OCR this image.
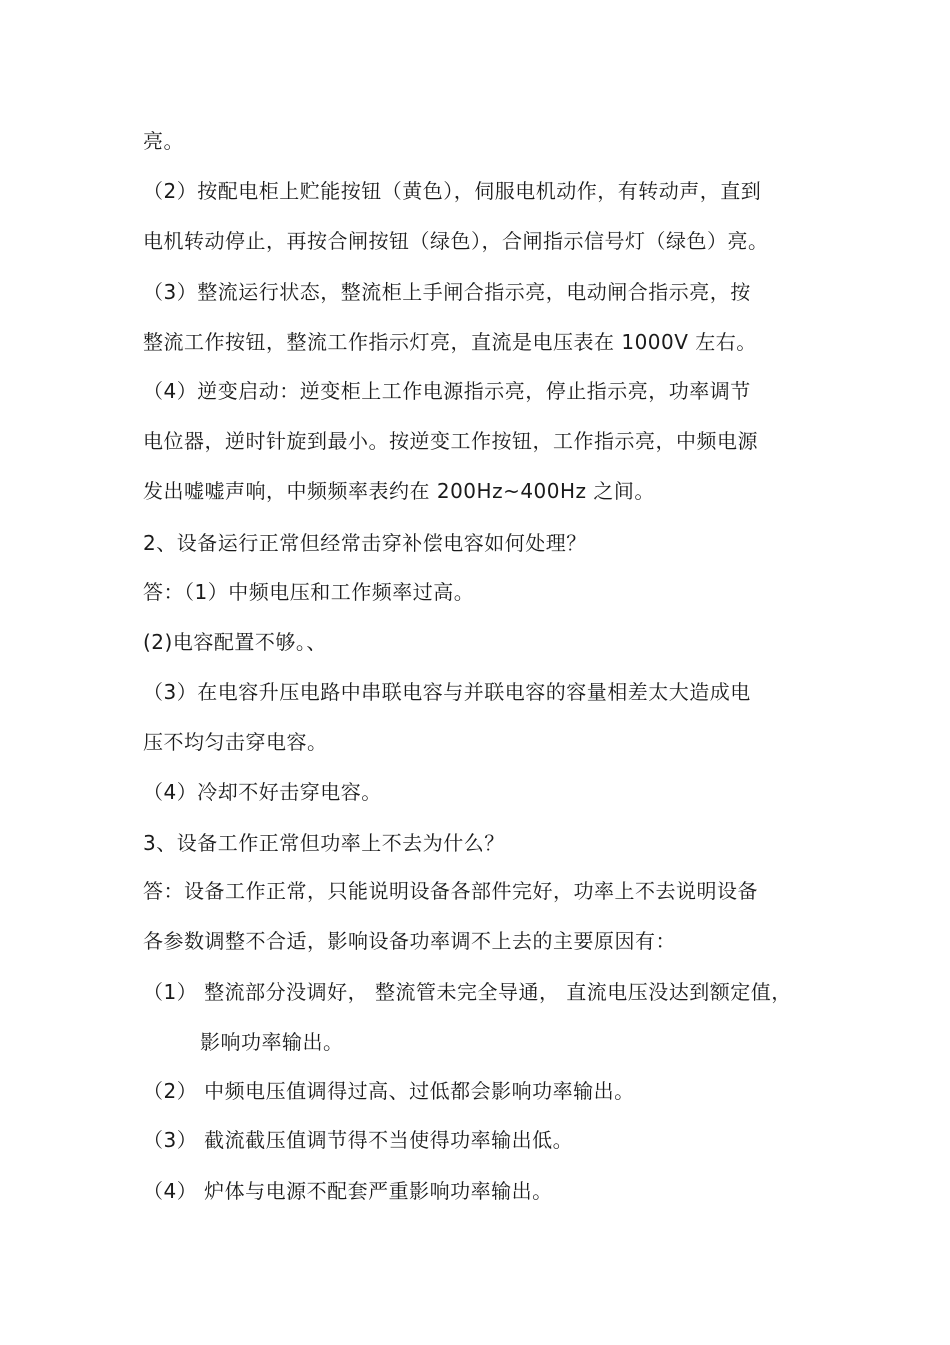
亮。
（2）按配电柜上贮能按钮（黄色），伺服电机动作，有转动声，直到
电机转动停止，再按合闸按钮（绿色），合闸指示信号灯（绿色）亮。
（3）整流运行状态，整流柜上手闸合指示亮，电动闸合指示亮，按
整流工作按钮，整流工作指示灯亮，直流是电压表在 1000V 左右。
（4）逆变启动：逆变柜上工作电源指示亮，停止指示亮，功率调节
电位器，逆时针旋到最小。按逆变工作按钮，工作指示亮，中频电源
发出嘘嘘声响，中频频率表约在 200Hz~400Hz 之间。
2、设备运行正常但经常击穿补偿电容如何处理？
答：（1）中频电压和工作频率过高。
(2)电容配置不够。、
（3）在电容升压电路中串联电容与并联电容的容量相差太大造成电
压不均匀击穿电容。
（4）冷却不好击穿电容。
3、设备工作正常但功率上不去为什么？
答：设备工作正常，只能说明设备各部件完好，功率上不去说明设备
各参数调整不合适，影响设备功率调不上去的主要原因有：
（1） 整流部分没调好， 整流管未完全导通， 直流电压没达到额定值，
影响功率输出。
（2） 中频电压值调得过高、过低都会影响功率输出。
（3） 截流截压值调节得不当使得功率输出低。
（4） 炉体与电源不配套严重影响功率输出。
